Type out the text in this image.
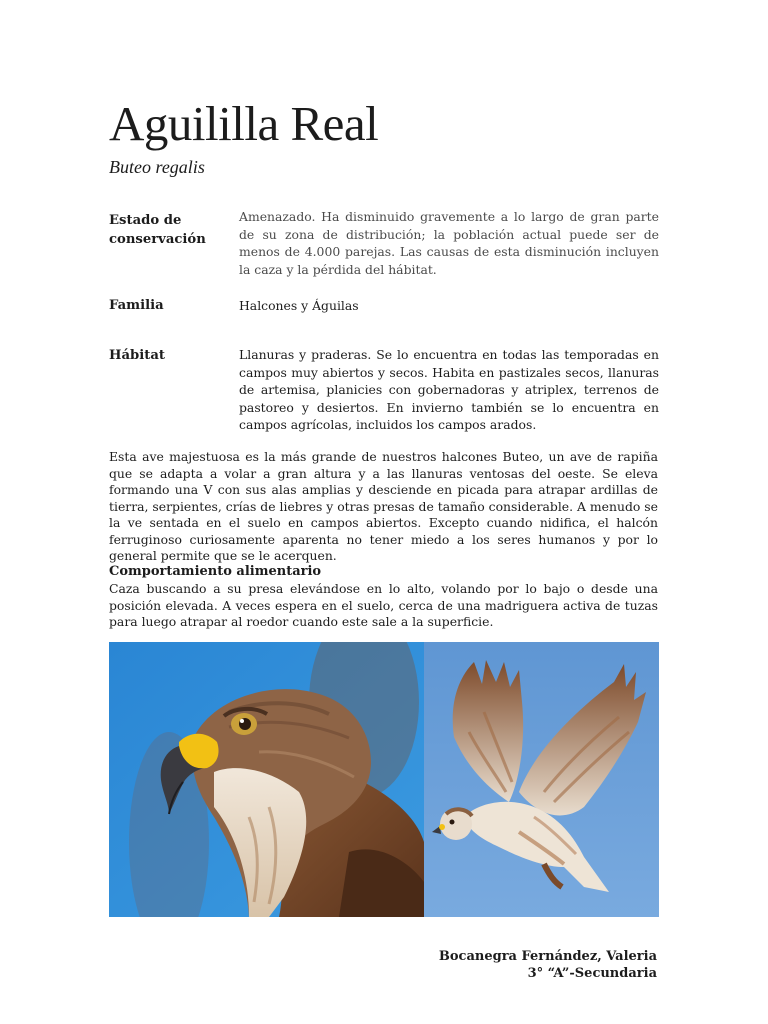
Aguililla Real

Buteo regalis

Estado de conservación
Amenazado. Ha disminuido gravemente a lo largo de gran parte de su zona de distribución; la población actual puede ser de menos de 4.000 parejas. Las causas de esta disminución incluyen la caza y la pérdida del hábitat.
Familia	Halcones y Águilas
Hábitat	Llanuras y praderas. Se lo encuentra en todas las temporadas en campos muy abiertos y secos. Habita en pastizales secos, llanuras de artemisa, planicies con gobernadoras y atriplex, terrenos de pastoreo y desiertos. En invierno también se lo encuentra en campos agrícolas, incluidos los campos arados.

Esta ave majestuosa es la más grande de nuestros halcones Buteo, un ave de rapiña que se adapta a volar a gran altura y a las llanuras ventosas del oeste. Se eleva formando una V con sus alas amplias y desciende en picada para atrapar ardillas de tierra, serpientes, crías de liebres y otras presas de tamaño considerable. A menudo se la ve sentada en el suelo en campos abiertos. Excepto cuando nidifica, el halcón ferruginoso curiosamente aparenta no tener miedo a los seres humanos y por lo general permite que se le acerquen.

Comportamiento alimentario

Caza buscando a su presa elevándose en lo alto, volando por lo bajo o desde una posición elevada. A veces espera en el suelo, cerca de una madriguera activa de tuzas para luego atrapar al roedor cuando este sale a la superficie.

Bocanegra Fernández, Valeria

3° “A”-Secundaria
